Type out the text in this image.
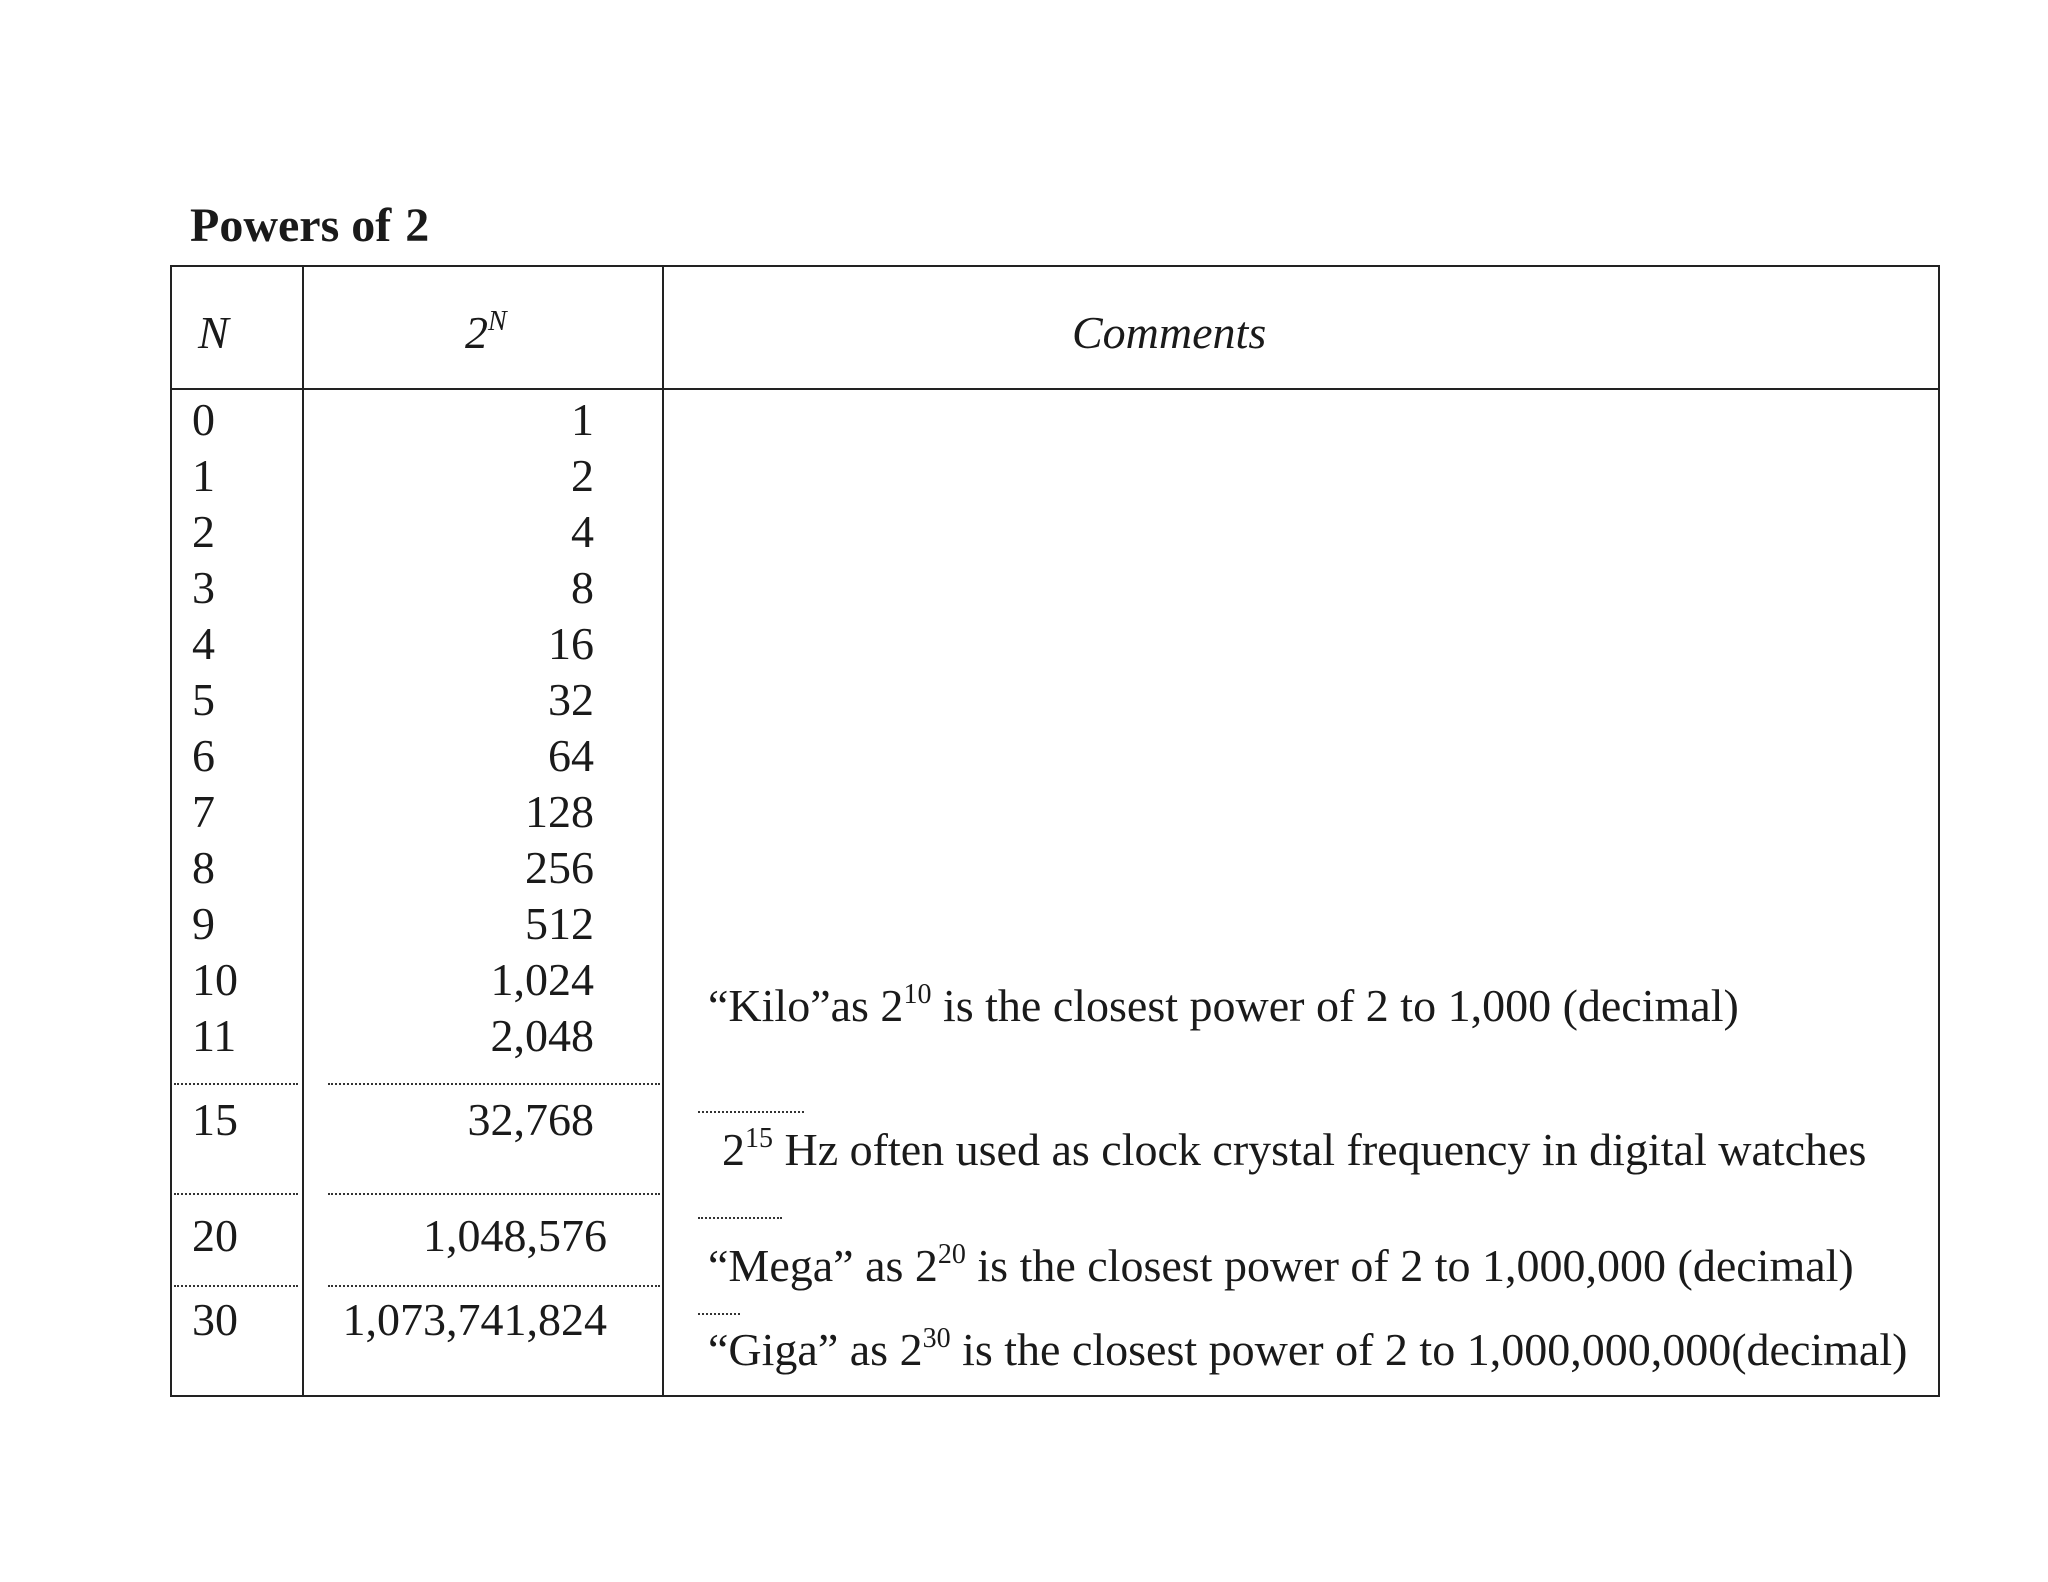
Powers of 2
N	$2^N$	Comments
0
1
2
3
4
5
6
7
8
9
10
11
15
20
30
1
2
4
8
16
32
64
128
256
512
1,024
2,048
32,768
1,048,576
1,073,741,824
“Kilo”as $2^{10}$ is the closest power of 2 to 1,000 (decimal)
$2^{15}$ Hz often used as clock crystal frequency in digital watches
“Mega” as $2^{20}$ is the closest power of 2 to 1,000,000 (decimal)
“Giga” as $2^{30}$ is the closest power of 2 to 1,000,000,000(decimal)
